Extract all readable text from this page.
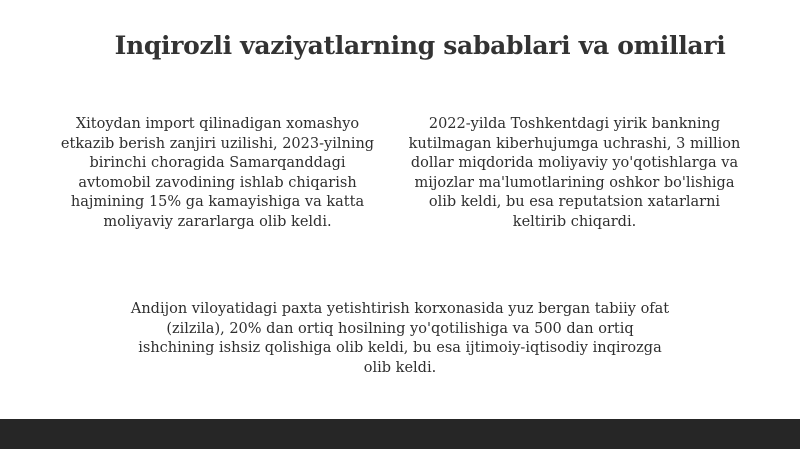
Inqirozli vaziyatlarning sabablari va omillari

Xitoydan import qilinadigan xomashyo etkazib berish zanjiri uzilishi, 2023-yilning birinchi choragida Samarqanddagi avtomobil zavodining ishlab chiqarish hajmining 15% ga kamayishiga va katta moliyaviy zararlarga olib keldi.

2022-yilda Toshkentdagi yirik bankning kutilmagan kiberhujumga uchrashi, 3 million dollar miqdorida moliyaviy yo'qotishlarga va mijozlar ma'lumotlarining oshkor bo'lishiga olib keldi, bu esa reputatsion xatarlarni keltirib chiqardi.

Andijon viloyatidagi paxta yetishtirish korxonasida yuz bergan tabiiy ofat (zilzila), 20% dan ortiq hosilning yo'qotilishiga va 500 dan ortiq ishchining ishsiz qolishiga olib keldi, bu esa ijtimoiy-iqtisodiy inqirozga olib keldi.
